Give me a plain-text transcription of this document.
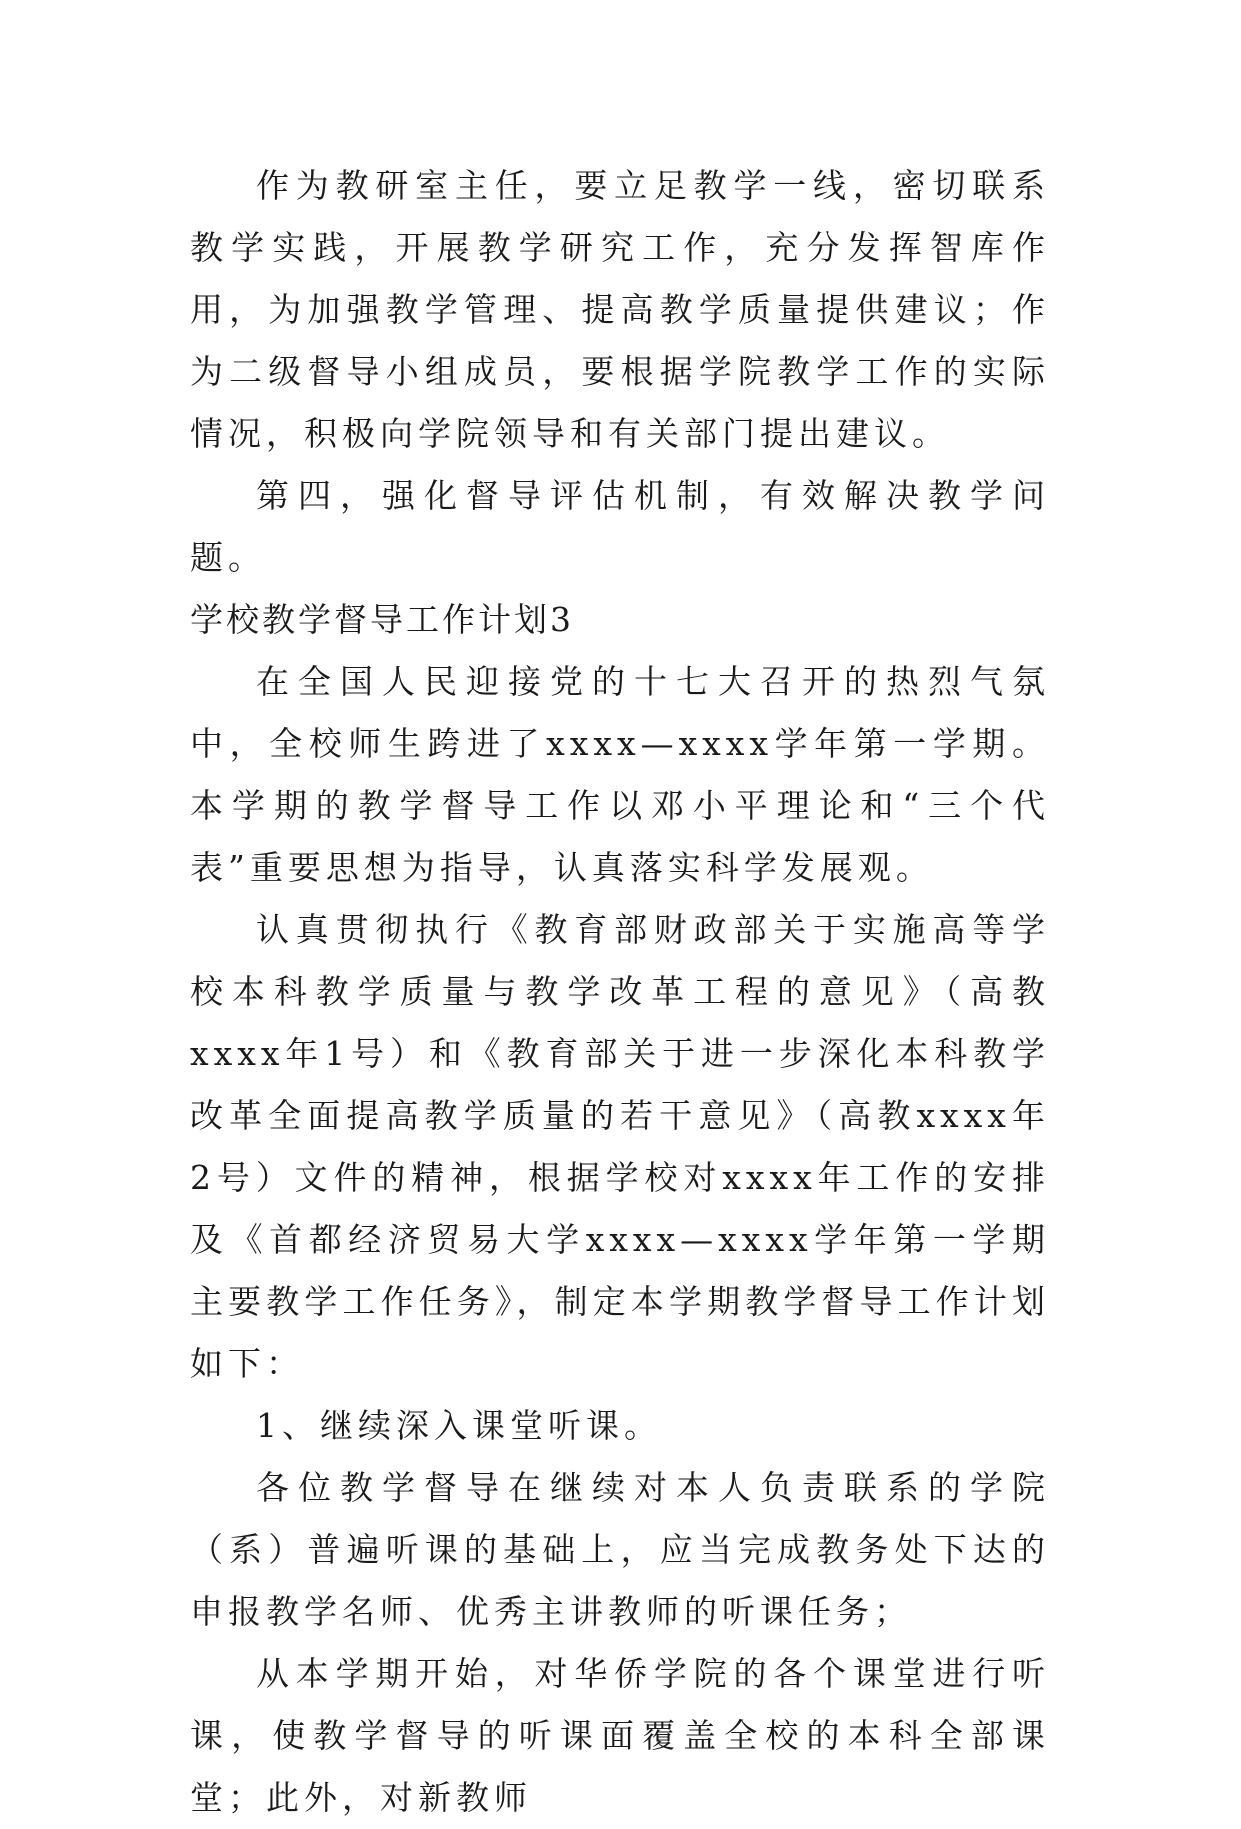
作为教研室主任，要立足教学一线，密切联系教学实践，开展教学研究工作，充分发挥智库作用，为加强教学管理、提高教学质量提供建议；作为二级督导小组成员，要根据学院教学工作的实际情况，积极向学院领导和有关部门提出建议。

第四，强化督导评估机制，有效解决教学问题。

学校教学督导工作计划3

在全国人民迎接党的十七大召开的热烈气氛中，全校师生跨进了xxxx—xxxx学年第一学期。本学期的教学督导工作以邓小平理论和“三个代表”重要思想为指导，认真落实科学发展观。

认真贯彻执行《教育部财政部关于实施高等学校本科教学质量与教学改革工程的意见》（高教xxxx年1号）和《教育部关于进一步深化本科教学改革全面提高教学质量的若干意见》（高教xxxx年2号）文件的精神，根据学校对xxxx年工作的安排及《首都经济贸易大学xxxx—xxxx学年第一学期主要教学工作任务》，制定本学期教学督导工作计划如下：

1、继续深入课堂听课。

各位教学督导在继续对本人负责联系的学院（系）普遍听课的基础上，应当完成教务处下达的申报教学名师、优秀主讲教师的听课任务；

从本学期开始，对华侨学院的各个课堂进行听课，使教学督导的听课面覆盖全校的本科全部课堂；此外，对新教师
